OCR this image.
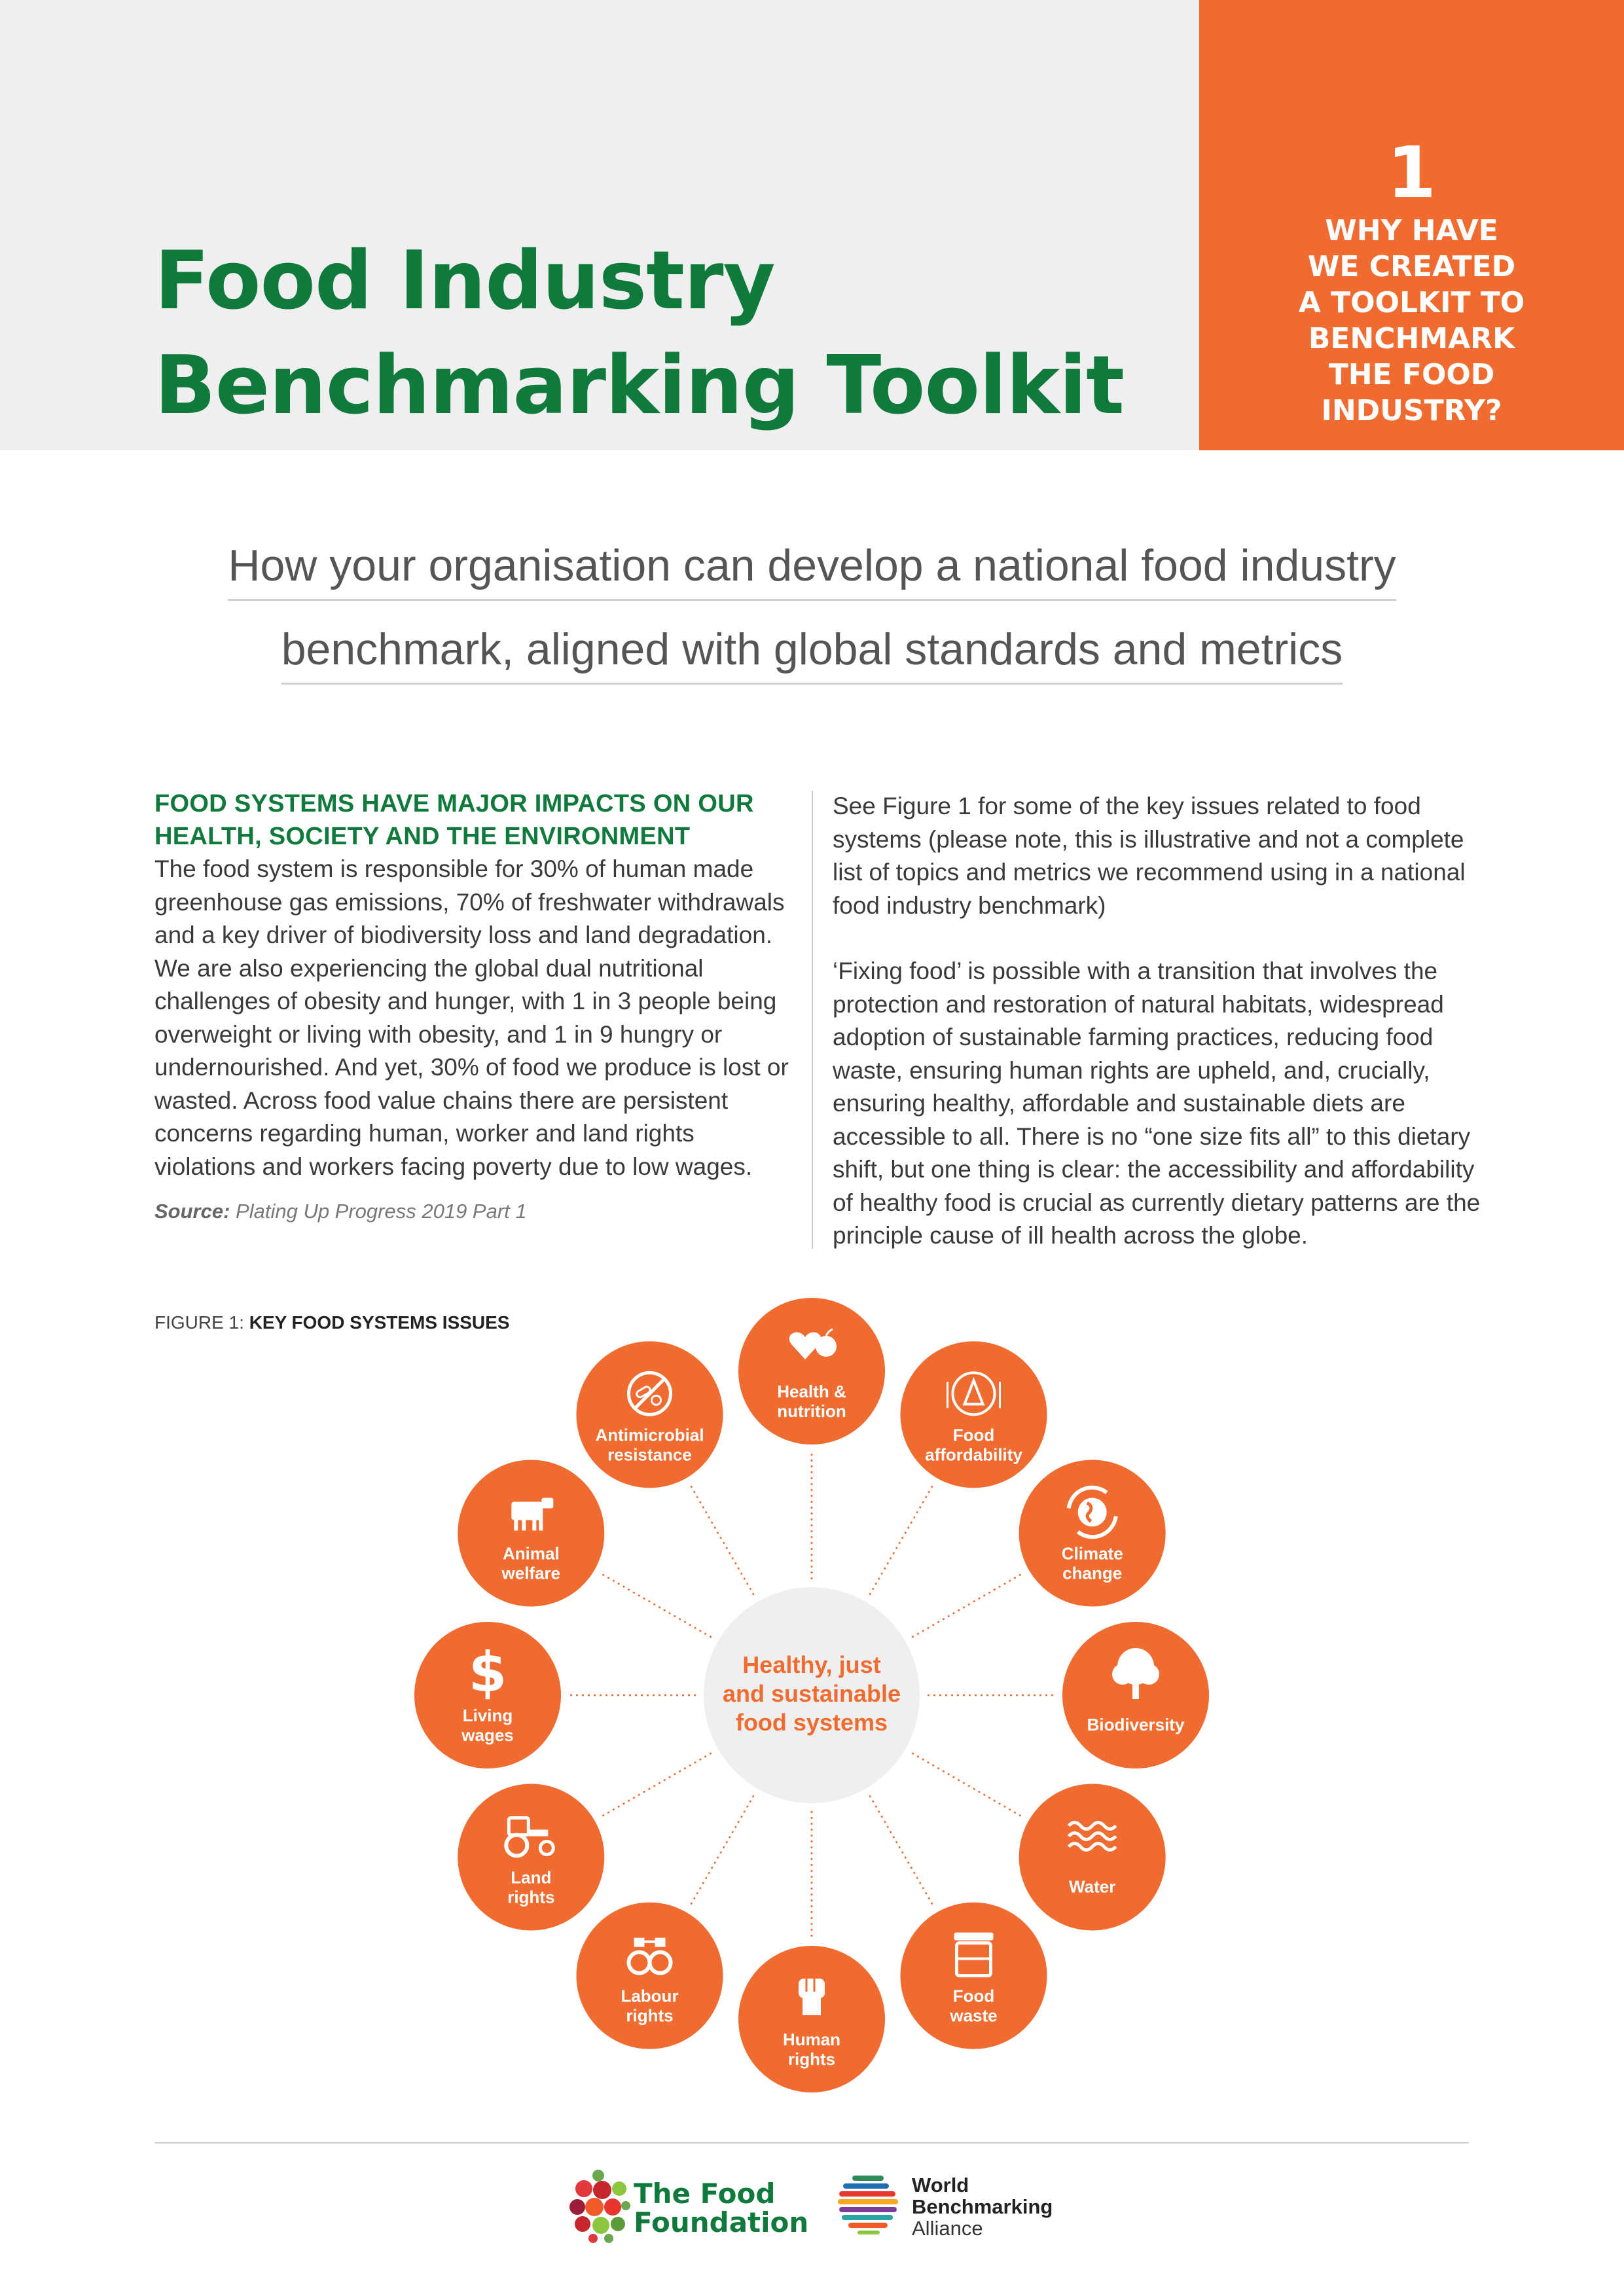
Food Industry
Benchmarking Toolkit
1
WHY HAVE
WE CREATED
A TOOLKIT TO
BENCHMARK
THE FOOD
INDUSTRY?
How your organisation can develop a national food industry
benchmark, aligned with global standards and metrics

FOOD SYSTEMS HAVE MAJOR IMPACTS ON OUR HEALTH, SOCIETY AND THE ENVIRONMENT

The food system is responsible for 30% of human made greenhouse gas emissions, 70% of freshwater withdrawals and a key driver of biodiversity loss and land degradation. We are also experiencing the global dual nutritional challenges of obesity and hunger, with 1 in 3 people being overweight or living with obesity, and 1 in 9 hungry or undernourished. And yet, 30% of food we produce is lost or wasted. Across food value chains there are persistent concerns regarding human, worker and land rights violations and workers facing poverty due to low wages.

Source: Plating Up Progress 2019 Part 1

See Figure 1 for some of the key issues related to food systems (please note, this is illustrative and not a complete list of topics and metrics we recommend using in a national food industry benchmark)

‘Fixing food’ is possible with a transition that involves the protection and restoration of natural habitats, widespread adoption of sustainable farming practices, reducing food waste, ensuring human rights are upheld, and, crucially, ensuring healthy, affordable and sustainable diets are accessible to all. There is no “one size fits all” to this dietary shift, but one thing is clear: the accessibility and affordability of healthy food is crucial as currently dietary patterns are the principle cause of ill health across the globe.

FIGURE 1: KEY FOOD SYSTEMS ISSUES
Healthy, just
and sustainable
food systems
Health &
nutrition
Food
affordability
Climate
change
Biodiversity
Water
Food
waste
Human
rights
Labour
rights
Land
rights
$
Living
wages
Animal
welfare
Antimicrobial
resistance
The Food
Foundation
World
Benchmarking
Alliance
